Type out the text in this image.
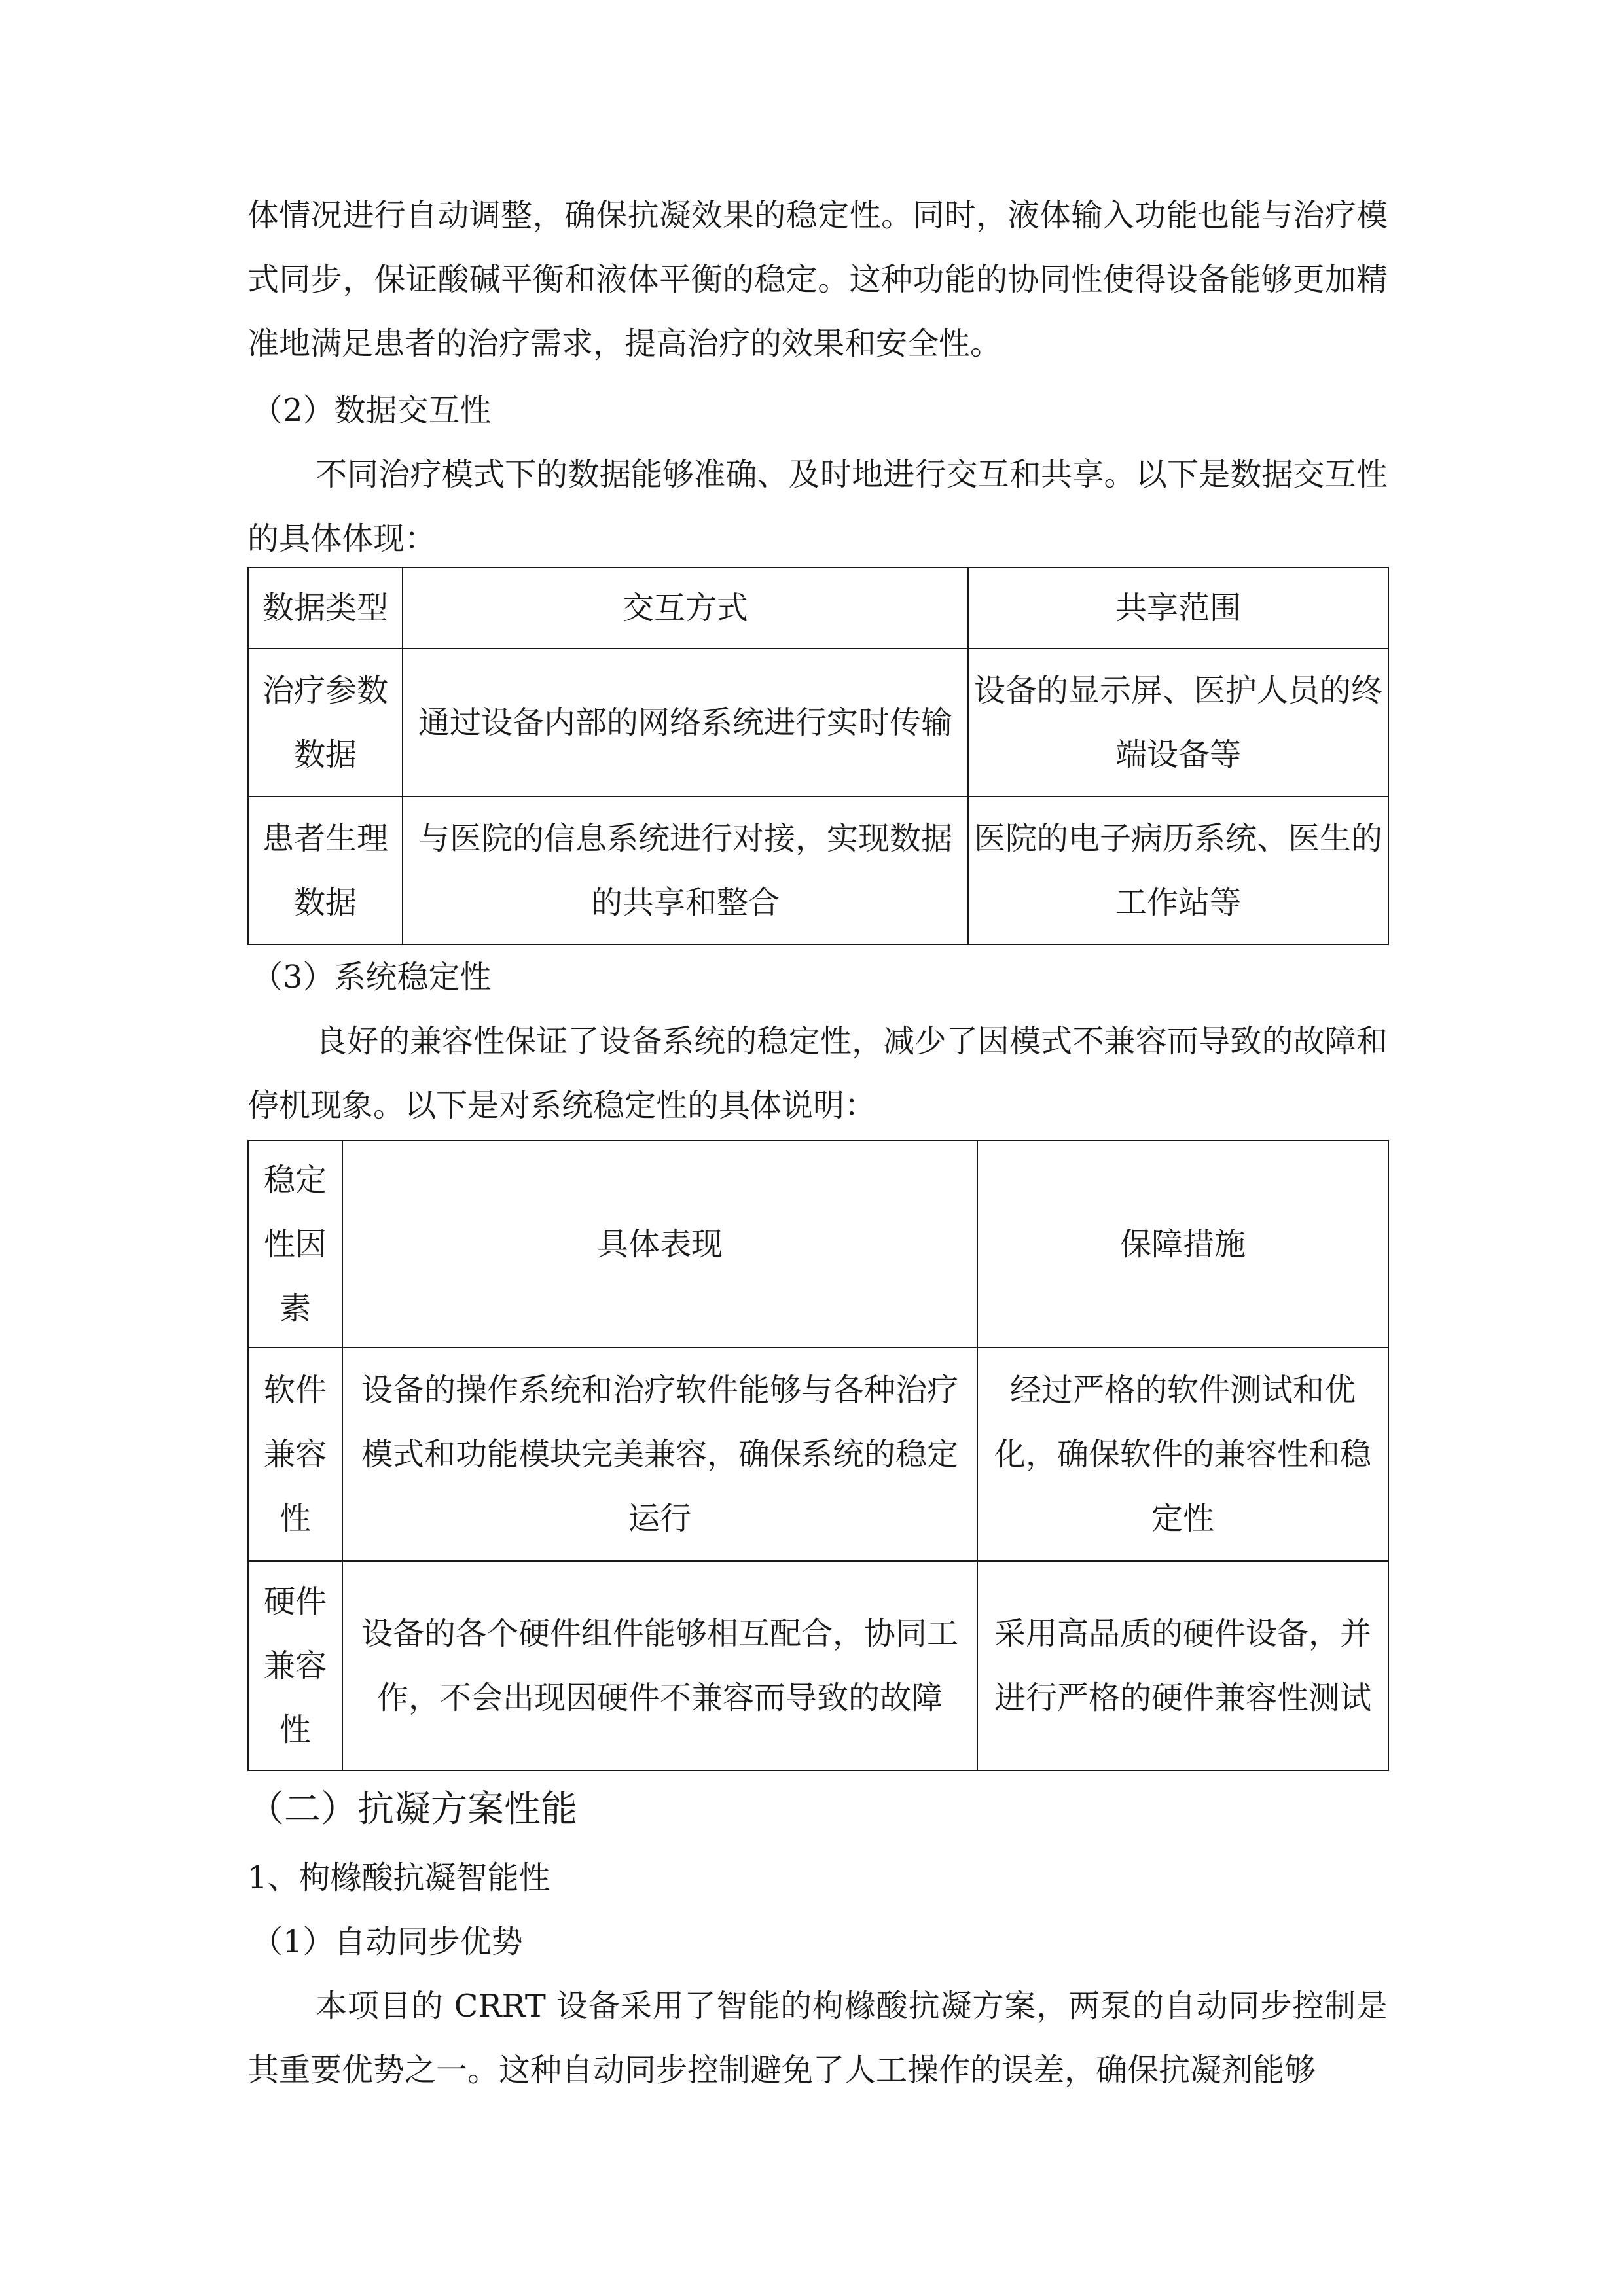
体情况进行自动调整，确保抗凝效果的稳定性。同时，液体输入功能也能与治疗模式同步，保证酸碱平衡和液体平衡的稳定。这种功能的协同性使得设备能够更加精准地满足患者的治疗需求，提高治疗的效果和安全性。

（2）数据交互性

不同治疗模式下的数据能够准确、及时地进行交互和共享。以下是数据交互性的具体体现：

数据类型	交互方式	共享范围
治疗参数数据	通过设备内部的网络系统进行实时传输	设备的显示屏、医护人员的终端设备等
患者生理数据	与医院的信息系统进行对接，实现数据的共享和整合	医院的电子病历系统、医生的工作站等

（3）系统稳定性

良好的兼容性保证了设备系统的稳定性，减少了因模式不兼容而导致的故障和停机现象。以下是对系统稳定性的具体说明：

稳定性因素	具体表现	保障措施
软件兼容性	设备的操作系统和治疗软件能够与各种治疗模式和功能模块完美兼容，确保系统的稳定运行	经过严格的软件测试和优化，确保软件的兼容性和稳定性
硬件兼容性	设备的各个硬件组件能够相互配合，协同工作，不会出现因硬件不兼容而导致的故障	采用高品质的硬件设备，并进行严格的硬件兼容性测试

（二）抗凝方案性能

1、枸橼酸抗凝智能性

（1）自动同步优势

本项目的 CRRT 设备采用了智能的枸橼酸抗凝方案，两泵的自动同步控制是其重要优势之一。这种自动同步控制避免了人工操作的误差，确保抗凝剂能够
